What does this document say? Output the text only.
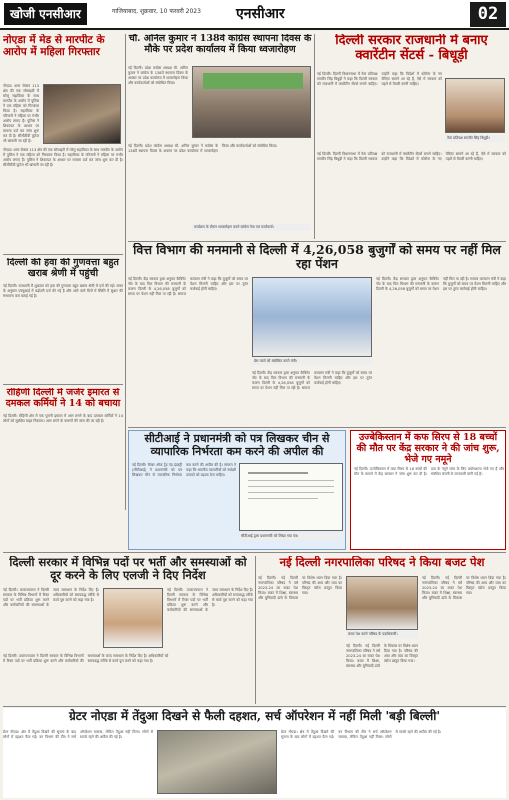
खोजी एनसीआर	गाजियाबाद, शुक्रवार, 10 फरवरी 2023	एनसीआर	02
नोएडा में मेड से मारपीट के आरोप में महिला गिरफ्तार
नोएडा। थाना सेक्टर 113 क्षेत्र की एक सोसाइटी में घरेलू सहायिका के साथ मारपीट के आरोप में पुलिस ने एक महिला को गिरफ्तार किया है। सहायिका के परिजनों ने महिला पर गंभीर आरोप लगाए हैं। पुलिस ने शिकायत के आधार पर मामला दर्ज कर जांच शुरू कर दी है। सीसीटीवी फुटेज भी खंगाली जा रही है।
नोएडा। थाना सेक्टर 113 क्षेत्र की एक सोसाइटी में घरेलू सहायिका के साथ मारपीट के आरोप में पुलिस ने एक महिला को गिरफ्तार किया है। सहायिका के परिजनों ने महिला पर गंभीर आरोप लगाए हैं। पुलिस ने शिकायत के आधार पर मामला दर्ज कर जांच शुरू कर दी है। सीसीटीवी फुटेज भी खंगाली जा रही है।
दिल्ली की हवा की गुणवत्ता बहुत खराब श्रेणी में पहुंची
नई दिल्ली। राजधानी में शुक्रवार को हवा की गुणवत्ता बहुत खराब श्रेणी में दर्ज की गई। सफर के अनुसार एक्यूआई में बढ़ोतरी दर्ज की गई है और आने वाले दिनों में स्थिति में सुधार की संभावना कम बताई गई है।
रोहिणी दिल्ली में जर्जर इमारत से दमकल कर्मियों ने 14 को बचाया
नई दिल्ली। रोहिणी क्षेत्र में एक पुरानी इमारत में आग लगने के बाद दमकल कर्मियों ने 14 लोगों को सुरक्षित बाहर निकाला। आग लगने के कारणों की जांच की जा रही है।
चौ. अनिल कुमार ने 138वें कांग्रेस स्थापना दिवस के मौके पर प्रदेश कार्यालय में किया ध्वजारोहण
नई दिल्ली। प्रदेश कांग्रेस अध्यक्ष चौ. अनिल कुमार ने कांग्रेस के 138वें स्थापना दिवस के अवसर पर प्रदेश कार्यालय में ध्वजारोहण किया और कार्यकर्ताओं को संबोधित किया।
नई दिल्ली। प्रदेश कांग्रेस अध्यक्ष चौ. अनिल कुमार ने कांग्रेस के 138वें स्थापना दिवस के अवसर पर प्रदेश कार्यालय में ध्वजारोहण किया और कार्यकर्ताओं को संबोधित किया।
कार्यक्रम के दौरान ध्वजारोहण करते कांग्रेस नेता एवं कार्यकर्ता।
दिल्ली सरकार राजधानी में बनाए क्वारेंटीन सेंटर्स - बिधूड़ी
नई दिल्ली। दिल्ली विधानसभा में नेता प्रतिपक्ष रामवीर सिंह बिधूड़ी ने कहा कि दिल्ली सरकार को राजधानी में क्वारेंटीन सेंटर्स बनाने चाहिए। उन्होंने कहा कि विदेशों में कोरोना के नए वेरिएंट सामने आ रहे हैं, ऐसे में सरकार को पहले से तैयारी करनी चाहिए।
नेता प्रतिपक्ष रामवीर सिंह बिधूड़ी।
नई दिल्ली। दिल्ली विधानसभा में नेता प्रतिपक्ष रामवीर सिंह बिधूड़ी ने कहा कि दिल्ली सरकार को राजधानी में क्वारेंटीन सेंटर्स बनाने चाहिए। उन्होंने कहा कि विदेशों में कोरोना के नए वेरिएंट सामने आ रहे हैं, ऐसे में सरकार को पहले से तैयारी करनी चाहिए।
वित्त विभाग की मनमानी से दिल्ली में 4,26,058 बुजुर्गों को समय पर नहीं मिल रहा पेंशन
नई दिल्ली। केंद्र सरकार द्वारा अनुमत कैबिनेट नोट के बाद वित्त विभाग की मनमानी के कारण दिल्ली के 4,26,058 बुजुर्गों को समय पर पेंशन नहीं मिल पा रही है। समाज कल्याण मंत्री ने कहा कि बुजुर्गों को समय पर पेंशन मिलनी चाहिए और इस पर तुरंत कार्रवाई होनी चाहिए।
प्रेस वार्ता को संबोधित करते मंत्री।
नई दिल्ली। केंद्र सरकार द्वारा अनुमत कैबिनेट नोट के बाद वित्त विभाग की मनमानी के कारण दिल्ली के 4,26,058 बुजुर्गों को समय पर पेंशन नहीं मिल पा रही है। समाज कल्याण मंत्री ने कहा कि बुजुर्गों को समय पर पेंशन मिलनी चाहिए और इस पर तुरंत कार्रवाई होनी चाहिए।
नई दिल्ली। केंद्र सरकार द्वारा अनुमत कैबिनेट नोट के बाद वित्त विभाग की मनमानी के कारण दिल्ली के 4,26,058 बुजुर्गों को समय पर पेंशन नहीं मिल पा रही है। समाज कल्याण मंत्री ने कहा कि बुजुर्गों को समय पर पेंशन मिलनी चाहिए और इस पर तुरंत कार्रवाई होनी चाहिए।
सीटीआई ने प्रधानमंत्री को पत्र लिखकर चीन से व्यापारिक निर्भरता कम करने की अपील की
नई दिल्ली। चैम्बर ऑफ ट्रेड एंड इंडस्ट्री (सीटीआई) ने प्रधानमंत्री को पत्र लिखकर चीन से व्यापारिक निर्भरता कम करने की अपील की है। संगठन ने कहा कि भारतीय व्यापारियों को स्वदेशी उत्पादों को बढ़ावा देना चाहिए।
सीटीआई द्वारा प्रधानमंत्री को लिखा गया पत्र।
उज्बेकिस्तान में कफ सिरप से 18 बच्चों की मौत पर केंद्र सरकार ने की जांच शुरू, भेजे गए नमूने
नई दिल्ली। उज्बेकिस्तान में कफ सिरप से 18 बच्चों की मौत के मामले में केंद्र सरकार ने जांच शुरू कर दी है। दवा के नमूने जांच के लिए प्रयोगशाला भेजे गए हैं और संबंधित कंपनी से जानकारी मांगी गई है।
दिल्ली सरकार में विभिन्न पदों पर भर्ती और समस्याओं को दूर करने के लिए एलजी ने दिए निर्देश
नई दिल्ली। उपराज्यपाल ने दिल्ली सरकार के विभिन्न विभागों में रिक्त पदों पर भर्ती प्रक्रिया शुरू करने और कर्मचारियों की समस्याओं के जल्द समाधान के निर्देश दिए हैं। अधिकारियों को समयबद्ध तरीके से कार्य पूरा करने को कहा गया है।
नई दिल्ली। उपराज्यपाल ने दिल्ली सरकार के विभिन्न विभागों में रिक्त पदों पर भर्ती प्रक्रिया शुरू करने और कर्मचारियों की समस्याओं के जल्द समाधान के निर्देश दिए हैं। अधिकारियों को समयबद्ध तरीके से कार्य पूरा करने को कहा गया है।
नई दिल्ली। उपराज्यपाल ने दिल्ली सरकार के विभिन्न विभागों में रिक्त पदों पर भर्ती प्रक्रिया शुरू करने और कर्मचारियों की समस्याओं के जल्द समाधान के निर्देश दिए हैं। अधिकारियों को समयबद्ध तरीके से कार्य पूरा करने को कहा गया है।
नई दिल्ली नगरपालिका परिषद ने किया बजट पेश
नई दिल्ली। नई दिल्ली नगरपालिका परिषद ने वर्ष 2023-24 का बजट पेश किया। बजट में शिक्षा, स्वास्थ्य और बुनियादी ढांचे के विकास पर विशेष ध्यान दिया गया है। परिषद की आय और व्यय का विस्तृत ब्योरा प्रस्तुत किया गया।
बजट पेश करते परिषद के पदाधिकारी।
नई दिल्ली। नई दिल्ली नगरपालिका परिषद ने वर्ष 2023-24 का बजट पेश किया। बजट में शिक्षा, स्वास्थ्य और बुनियादी ढांचे के विकास पर विशेष ध्यान दिया गया है। परिषद की आय और व्यय का विस्तृत ब्योरा प्रस्तुत किया गया।
नई दिल्ली। नई दिल्ली नगरपालिका परिषद ने वर्ष 2023-24 का बजट पेश किया। बजट में शिक्षा, स्वास्थ्य और बुनियादी ढांचे के विकास पर विशेष ध्यान दिया गया है। परिषद की आय और व्यय का विस्तृत ब्योरा प्रस्तुत किया गया।
ग्रेटर नोएडा में तेंदुआ दिखने से फैली दहशत, सर्च ऑपरेशन में नहीं मिली 'बड़ी बिल्ली'
ग्रेटर नोएडा। क्षेत्र में तेंदुआ दिखने की सूचना के बाद लोगों में दहशत फैल गई। वन विभाग की टीम ने सर्च ऑपरेशन चलाया, लेकिन तेंदुआ नहीं मिला। लोगों से सतर्क रहने की अपील की गई है।
ग्रेटर नोएडा। क्षेत्र में तेंदुआ दिखने की सूचना के बाद लोगों में दहशत फैल गई। वन विभाग की टीम ने सर्च ऑपरेशन चलाया, लेकिन तेंदुआ नहीं मिला। लोगों से सतर्क रहने की अपील की गई है।
